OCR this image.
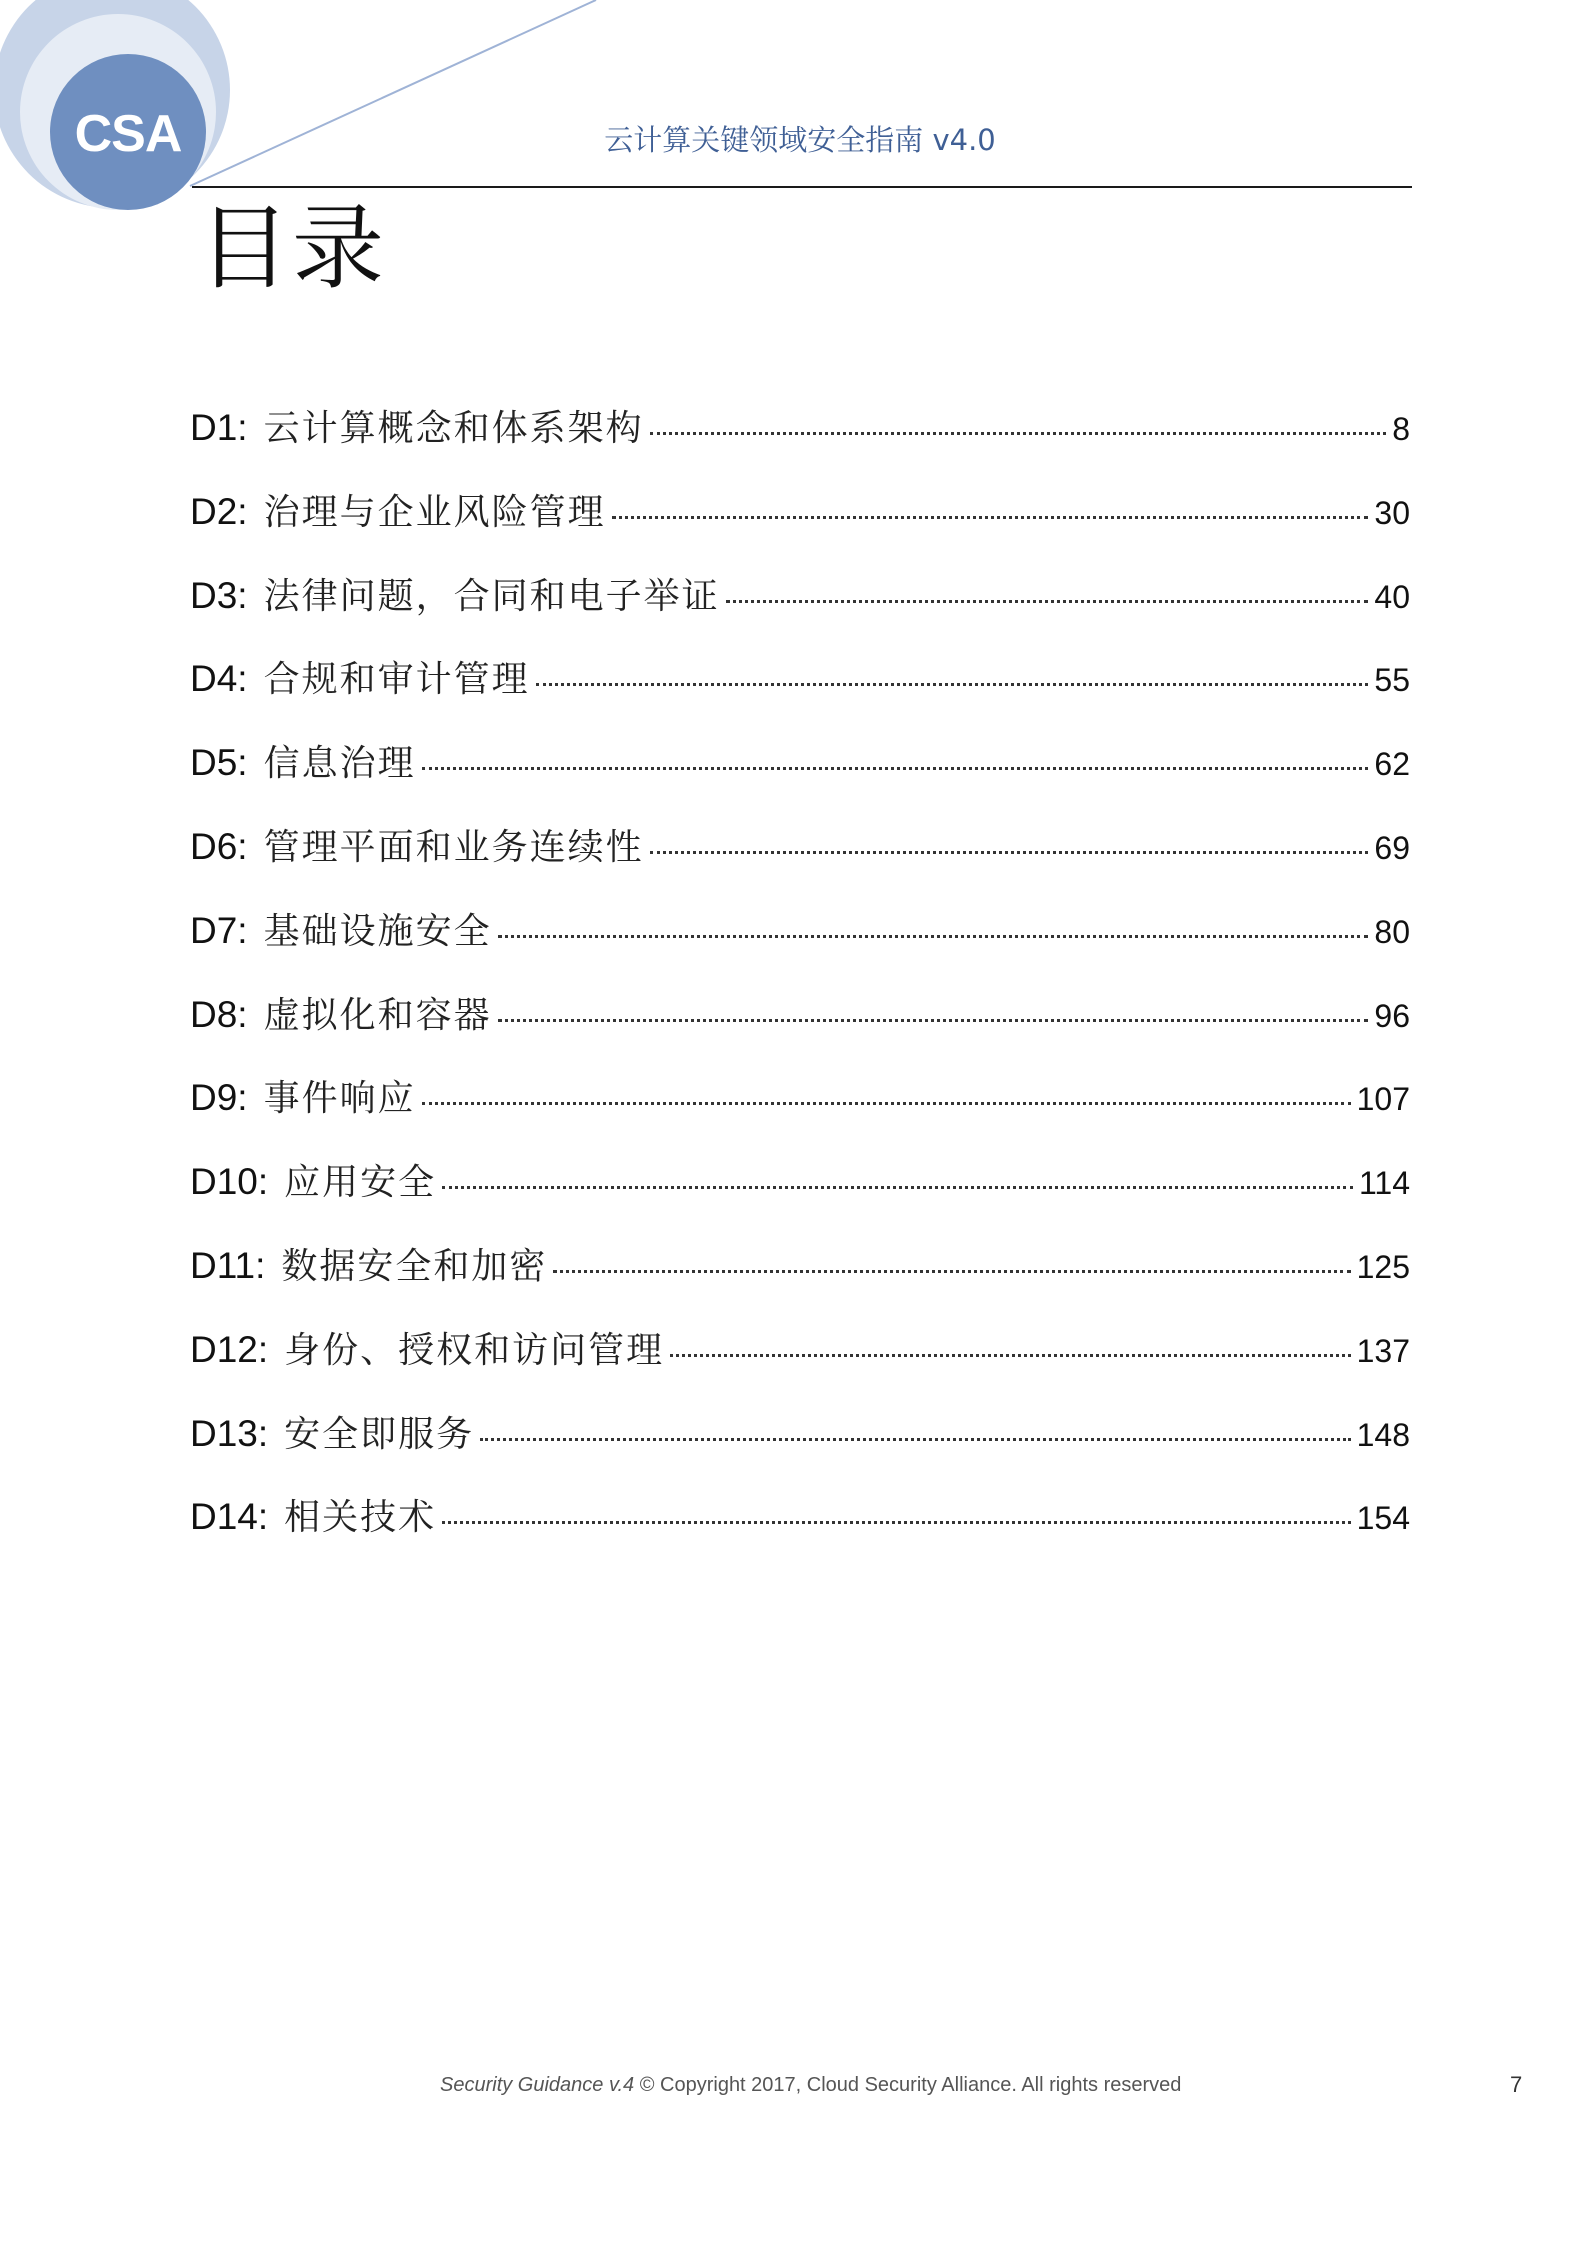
CSA	云计算关键领域安全指南 v4.0
目录
D1: 云计算概念和体系架构	8
D2: 治理与企业风险管理	30
D3: 法律问题，合同和电子举证	40
D4: 合规和审计管理	55
D5: 信息治理	62
D6: 管理平面和业务连续性	69
D7: 基础设施安全	80
D8: 虚拟化和容器	96
D9: 事件响应	107
D10: 应用安全	114
D11: 数据安全和加密	125
D12: 身份、授权和访问管理	137
D13: 安全即服务	148
D14: 相关技术	154
Security Guidance v.4 © Copyright 2017, Cloud Security Alliance. All rights reserved	7
